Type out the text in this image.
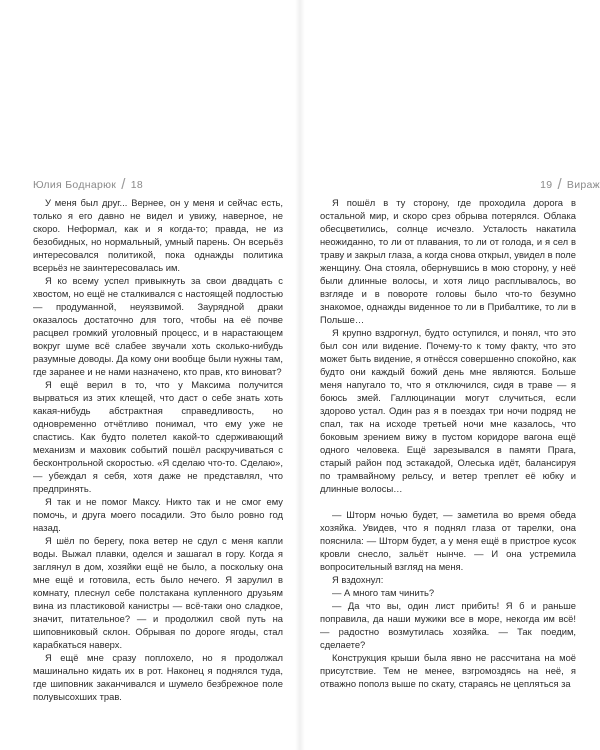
Юлия Боднарюк / 18

У меня был друг... Вернее, он у меня и сейчас есть, только я его давно не видел и увижу, наверное, не скоро. Неформал, как и я когда-то; правда, не из безобидных, но нормальный, умный парень. Он всерьёз интересовался политикой, пока однажды политика всерьёз не заинтересовалась им.

Я ко всему успел привыкнуть за свои двадцать с хвостом, но ещё не сталкивался с настоящей подлостью — продуманной, неуязвимой. Заурядной драки оказалось достаточно для того, чтобы на её почве расцвел громкий уголовный процесс, и в нарастающем вокруг шуме всё слабее звучали хоть сколько-нибудь разумные доводы. Да кому они вообще были нужны там, где заранее и не нами назначено, кто прав, кто виноват?

Я ещё верил в то, что у Максима получится вырваться из этих клещей, что даст о себе знать хоть какая-нибудь абстрактная справедливость, но одновременно отчётливо понимал, что ему уже не спастись. Как будто полетел какой-то сдерживающий механизм и маховик событий пошёл раскручиваться с бесконтрольной скоростью. «Я сделаю что-то. Сделаю», — убеждал я себя, хотя даже не представлял, что предпринять.

Я так и не помог Максу. Никто так и не смог ему помочь, и друга моего посадили. Это было ровно год назад.

Я шёл по берегу, пока ветер не сдул с меня капли воды. Выжал плавки, оделся и зашагал в гору. Когда я заглянул в дом, хозяйки ещё не было, а поскольку она мне ещё и готовила, есть было нечего. Я зарулил в комнату, плеснул себе полстакана купленного друзьям вина из пластиковой канистры — всё-таки оно сладкое, значит, питательное? — и продолжил свой путь на шиповниковый склон. Обрывая по дороге ягоды, стал карабкаться наверх.

Я ещё мне сразу поплохело, но я продолжал машинально кидать их в рот. Наконец я поднялся туда, где шиповник заканчивался и шумело безбрежное поле полувысохших трав.

19 / Вираж

Я пошёл в ту сторону, где проходила дорога в остальной мир, и скоро срез обрыва потерялся. Облака обесцветились, солнце исчезло. Усталость накатила неожиданно, то ли от плавания, то ли от голода, и я сел в траву и закрыл глаза, а когда снова открыл, увидел в поле женщину. Она стояла, обернувшись в мою сторону, у неё были длинные волосы, и хотя лицо расплывалось, во взгляде и в повороте головы было что-то безумно знакомое, однажды виденное то ли в Прибалтике, то ли в Польше…

Я крупно вздрогнул, будто оступился, и понял, что это был сон или видение. Почему-то к тому факту, что это может быть видение, я отнёсся совершенно спокойно, как будто они каждый божий день мне являются. Больше меня напугало то, что я отключился, сидя в траве — я боюсь змей. Галлюцинации могут случиться, если здорово устал. Один раз я в поездах три ночи подряд не спал, так на исходе третьей ночи мне казалось, что боковым зрением вижу в пустом коридоре вагона ещё одного человека. Ещё зарезывался в памяти Прага, старый район под эстакадой, Олеська идёт, балансируя по трамвайному рельсу, и ветер треплет её юбку и длинные волосы…

— Шторм ночью будет, — заметила во время обеда хозяйка. Увидев, что я поднял глаза от тарелки, она пояснила: — Шторм будет, а у меня ещё в пристрое кусок кровли снесло, зальёт нынче. — И она устремила вопросительный взгляд на меня.

Я вздохнул:

— А много там чинить?

— Да что вы, один лист прибить! Я б и раньше поправила, да наши мужики все в море, некогда им всё! — радостно возмутилась хозяйка. — Так поедим, сделаете?

Конструкция крыши была явно не рассчитана на моё присутствие. Тем не менее, взгромоздясь на неё, я отважно пополз выше по скату, стараясь не цепляться за
